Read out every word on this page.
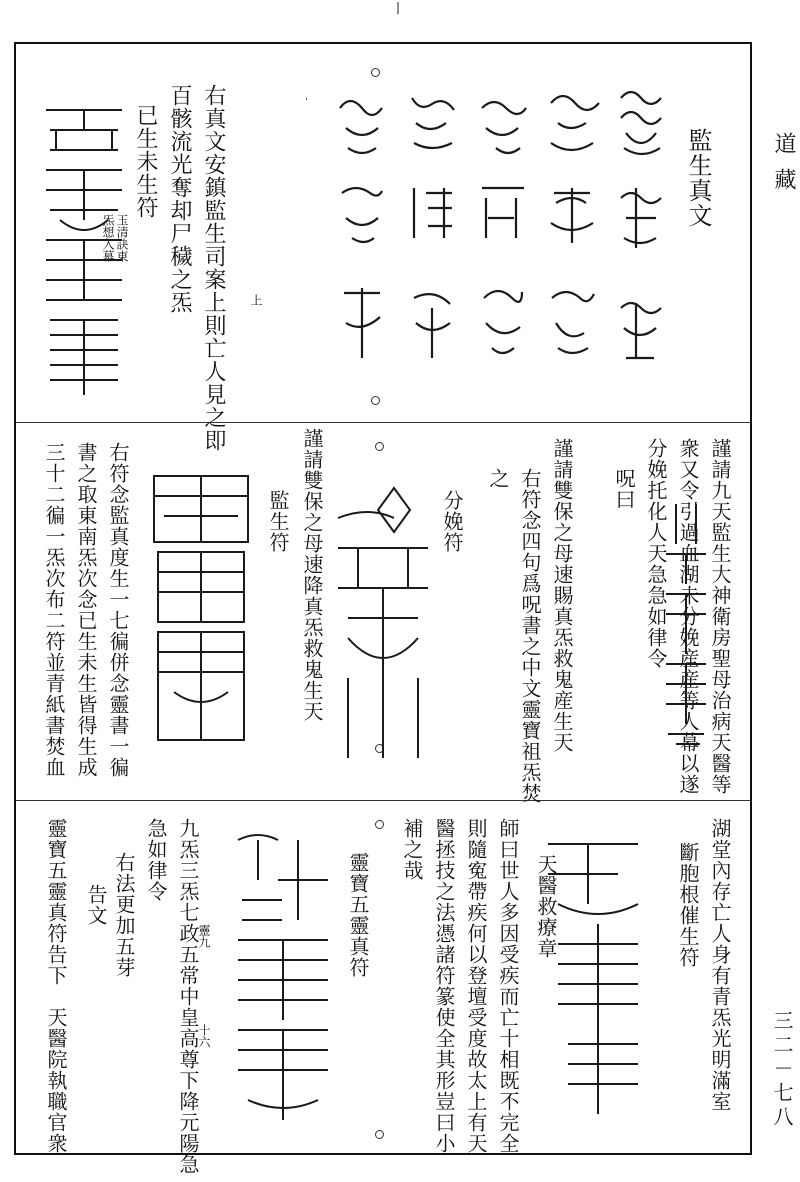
|
道藏
三二－七八
監生真文
上
右真文安鎮監生司案上則亡人見之即
百骸流光奪却尸穢之炁
已生未生符
玉清訣東
炁想入幕
謹請九天監生大神衛房聖母治病天醫等
衆又令引過血湖未分娩産産等人幕以遂
分娩托化人天急急如律令
呪曰
謹請雙保之母速賜真炁救鬼産生天
右符念四句爲呪書之中文靈寶祖炁焚
之
分娩符
謹請雙保之母速降真炁救鬼生天
監生符
右符念監真度生一七徧併念靈書一徧
書之取東南炁次念已生未生皆得生成
三十二徧一炁次布二符並青紙書焚血
湖堂內存亡人身有青炁光明滿室
斷胞根催生符
天醫救療章
師曰世人多因受疾而亡十相既不完全
則隨寃帶疾何以登壇受度故太上有天
醫拯技之法憑諸符篆使全其形豈曰小
補之哉
靈寶五靈真符
九炁三炁七政五常中皇高尊下降元陽急
急如律令
右法更加五芽
告文
靈寶五靈真符告下　天醫院執職官衆	靈九
十六
